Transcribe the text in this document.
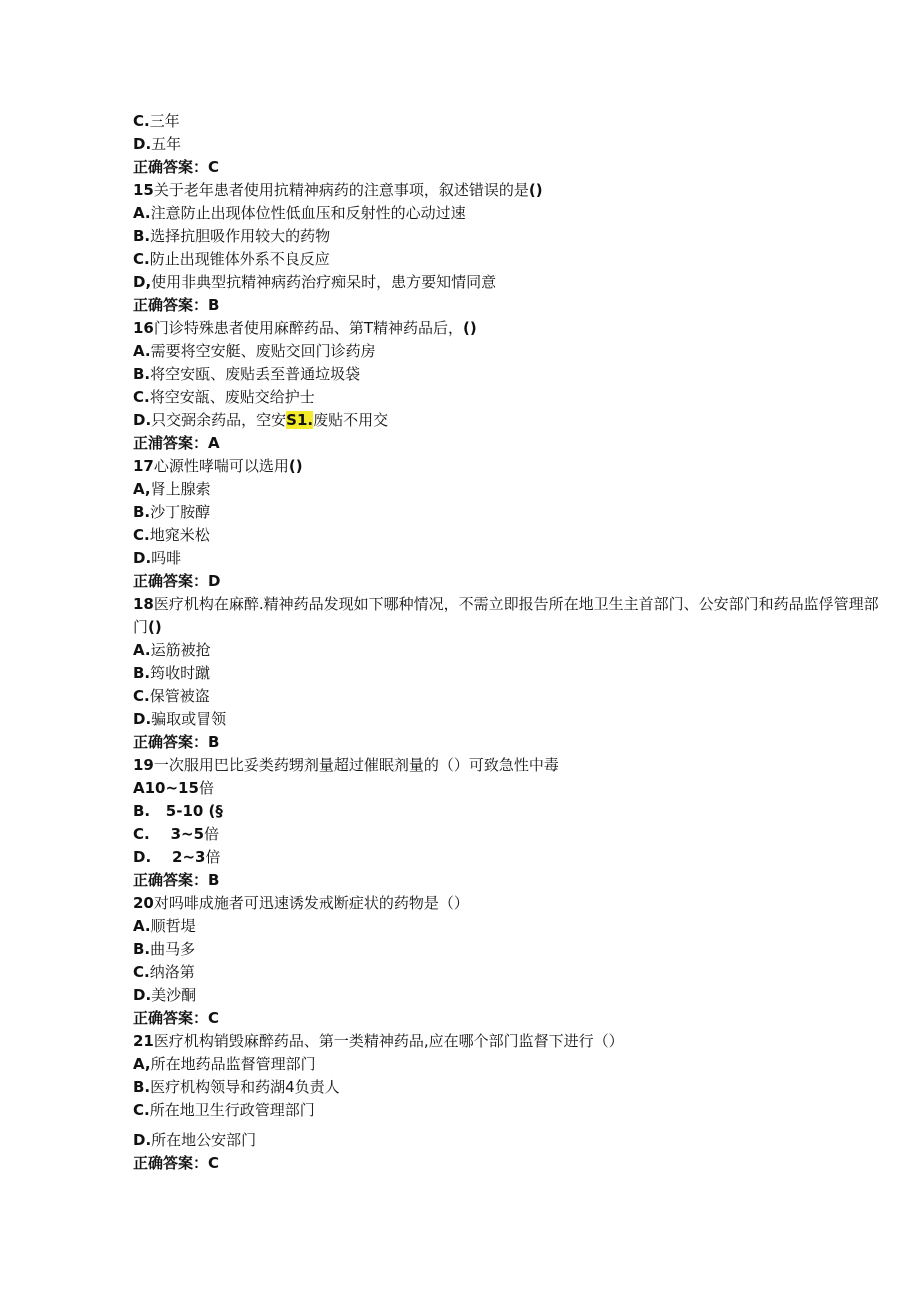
C.三年
D.五年
正确答案：C
15关于老年患者使用抗精神病药的注意事项，叙述错误的是()
A.注意防止出现体位性低血压和反射性的心动过速
B.选择抗胆吸作用较大的药物
C.防止出现锥体外系不良反应
D,使用非典型抗精神病药治疗痴呆时，患方要知情同意
正确答案：B
16门诊特殊患者使用麻醉药品、第T精神药品后，()
A.需要将空安艇、废贴交回门诊药房
B.将空安瓯、废贴丢至普通垃圾袋
C.将空安瓿、废贴交给护士
D.只交弼余药品，空安S1.废贴不用交
正浦答案：A
17心源性哮喘可以选用()
A,肾上腺索
B.沙丁胺醇
C.地窕米松
D.吗啡
正确答案：D
18医疗机构在麻醉.精神药品发现如下哪种情况，不需立即报告所在地卫生主首部门、公安部门和药品监俘管理部门()
A.运筋被抢
B.筠收时蹴
C.保管被盗
D.骗取或冒领
正确答案：B
19一次服用巴比妥类药甥剂量超过催眠剂量的（）可致急性中毒
A10~15倍
B.   5-10 (§
C.    3~5倍
D.    2~3倍
正确答案：B
20对吗啡成施者可迅速诱发戒断症状的药物是（）
A.顺哲堤
B.曲马多
C.纳洛第
D.美沙酮
正确答案：C
21医疗机构销毁麻醉药品、第一类精神药品,应在哪个部门监督下进行（）
A,所在地药品监督管理部门
B.医疗机构领导和药湖4负责人
C.所在地卫生行政管理部门
D.所在地公安部门
正确答案：C
